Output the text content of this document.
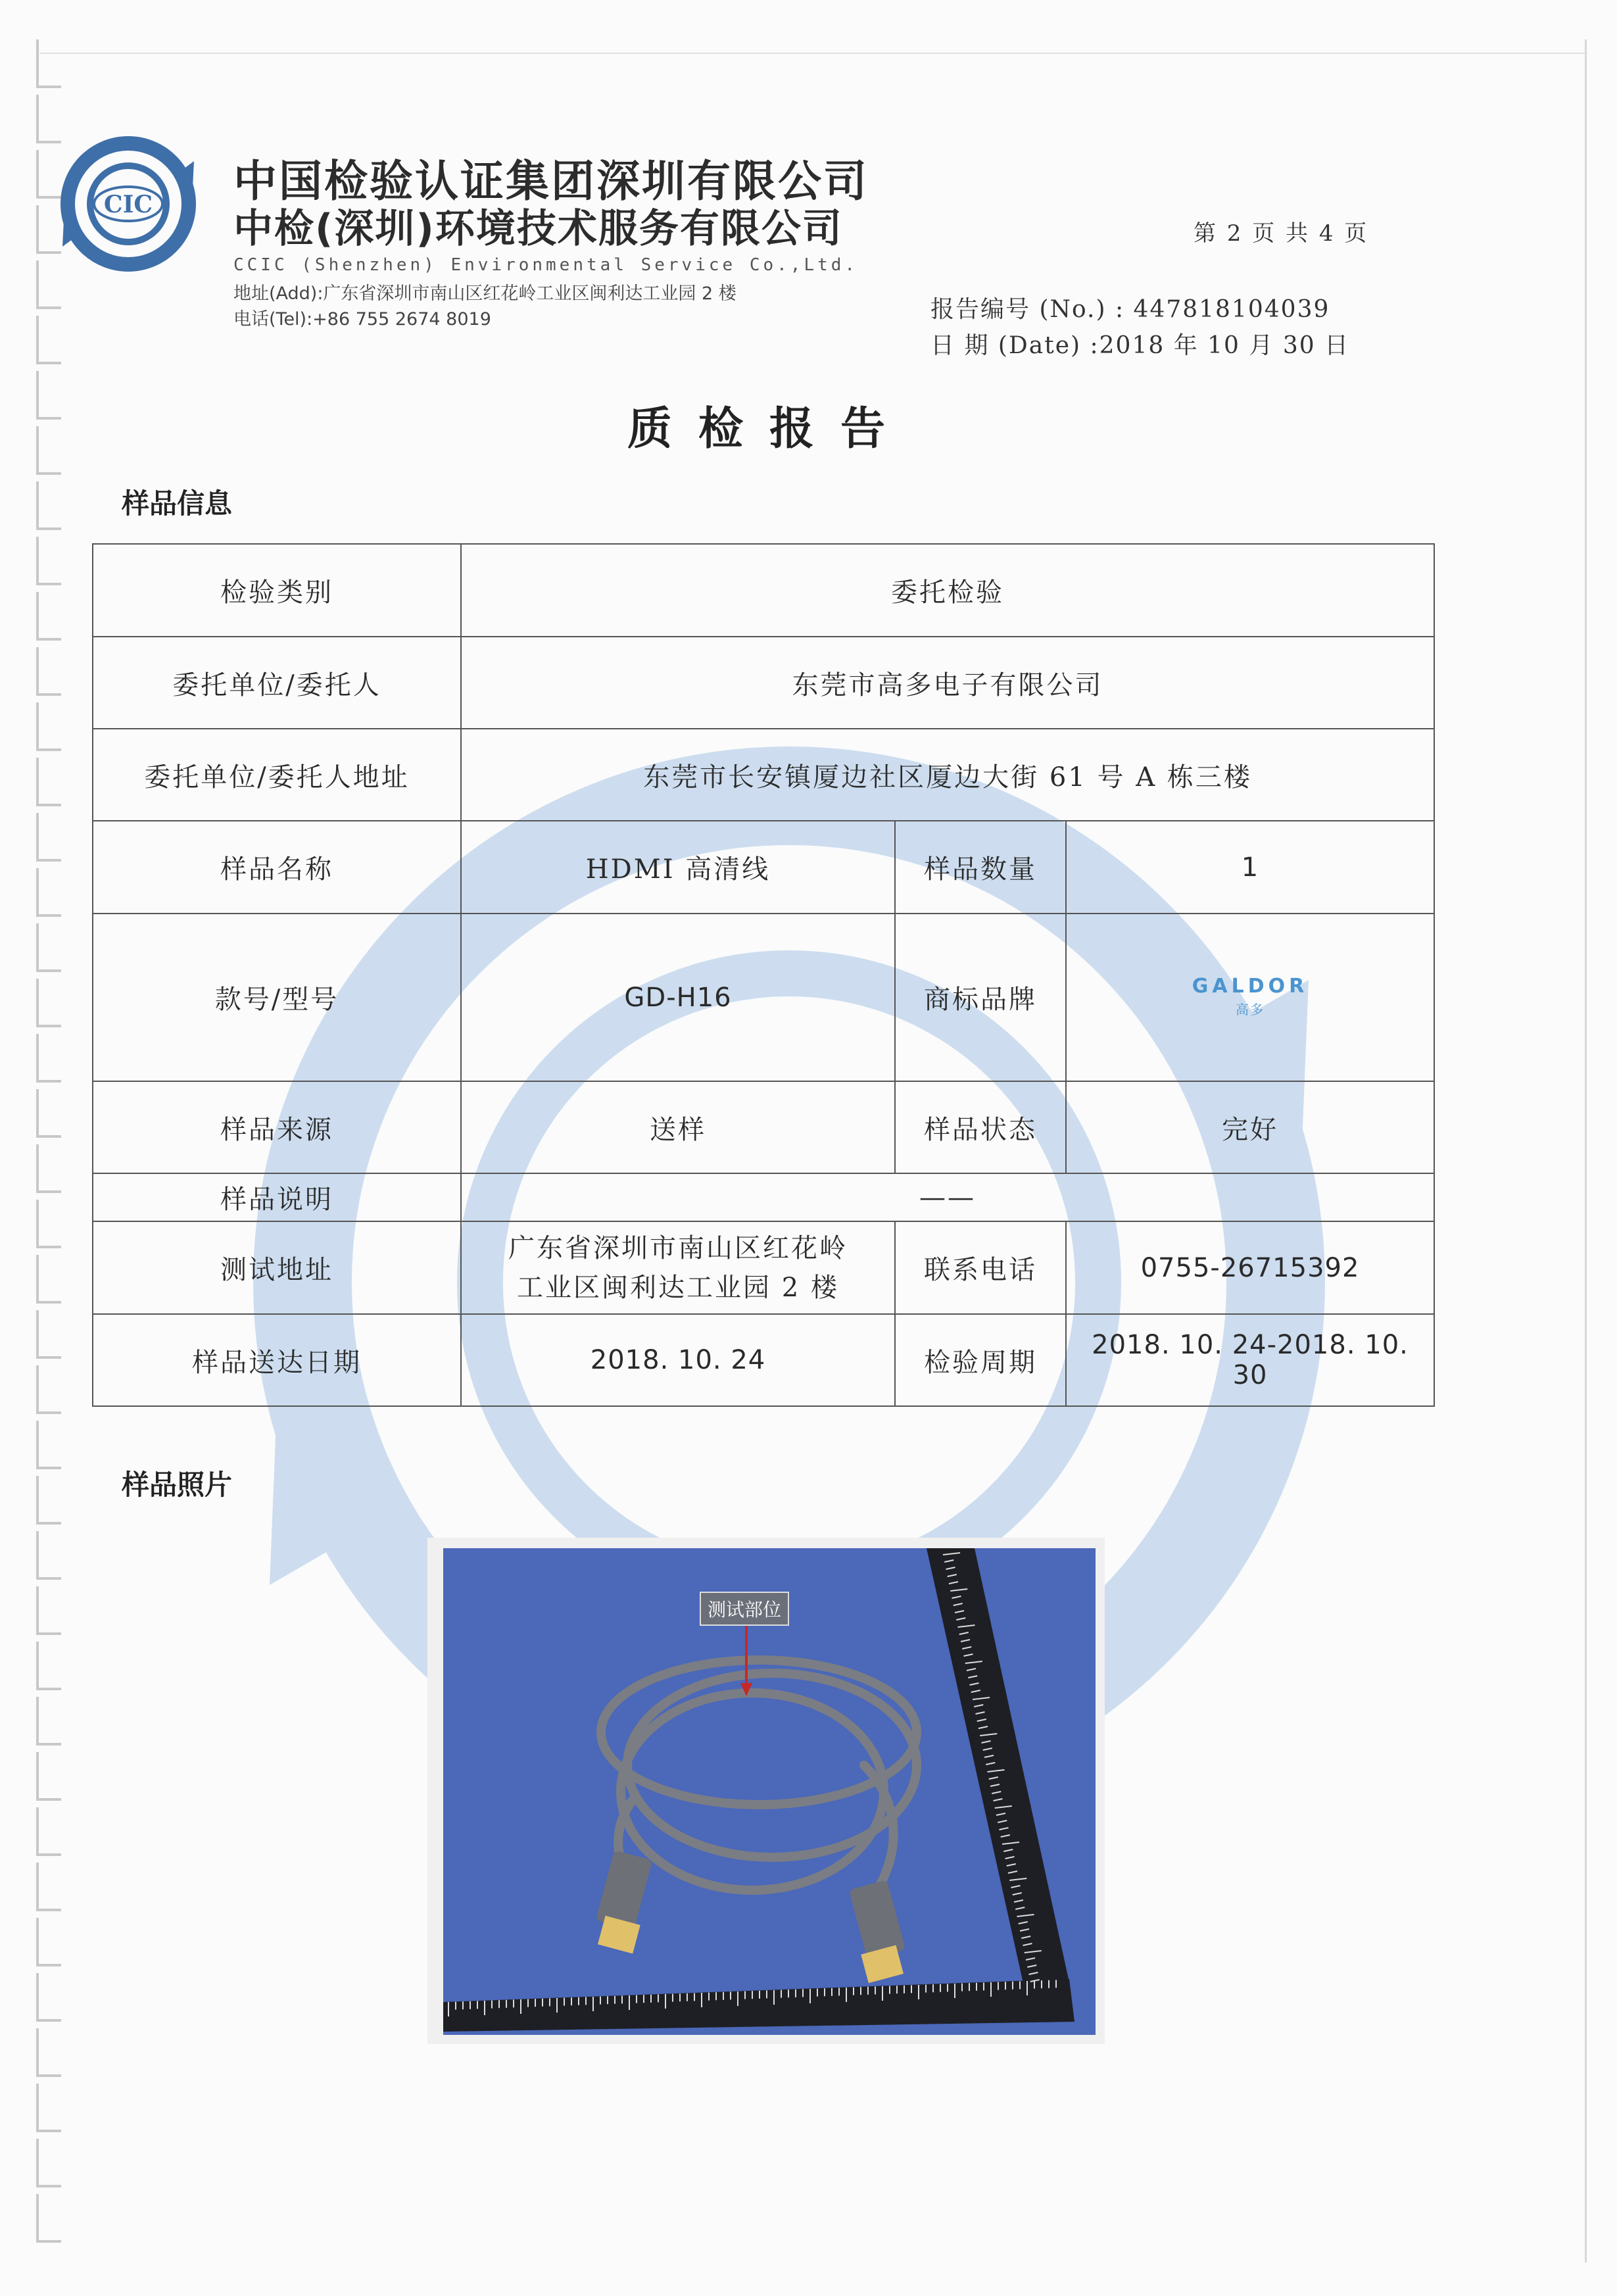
CIC 中国检验认证集团深圳有限公司
中检(深圳)环境技术服务有限公司
CCIC (Shenzhen) Environmental Service Co.,Ltd.
地址(Add):广东省深圳市南山区红花岭工业区闽利达工业园 2 楼
电话(Tel):+86 755 2674 8019
第 2 页 共 4 页
报告编号 (No.) : 447818104039
日 期 (Date) :2018 年 10 月 30 日
质检报告
样品信息
检验类别	委托检验		
委托单位/委托人	东莞市高多电子有限公司		
委托单位/委托人地址	东莞市长安镇厦边社区厦边大街 61 号 A 栋三楼		
样品名称	HDMI 高清线	样品数量	1
款号/型号	GD-H16	商标品牌	GALDOR
高多

样品来源	送样	样品状态	完好
样品说明	——		
测试地址	广东省深圳市南山区红花岭
工业区闽利达工业园 2 楼	联系电话	0755-26715392
样品送达日期	2018. 10. 24	检验周期	2018. 10. 24-2018. 10. 30
样品照片
测试部位
